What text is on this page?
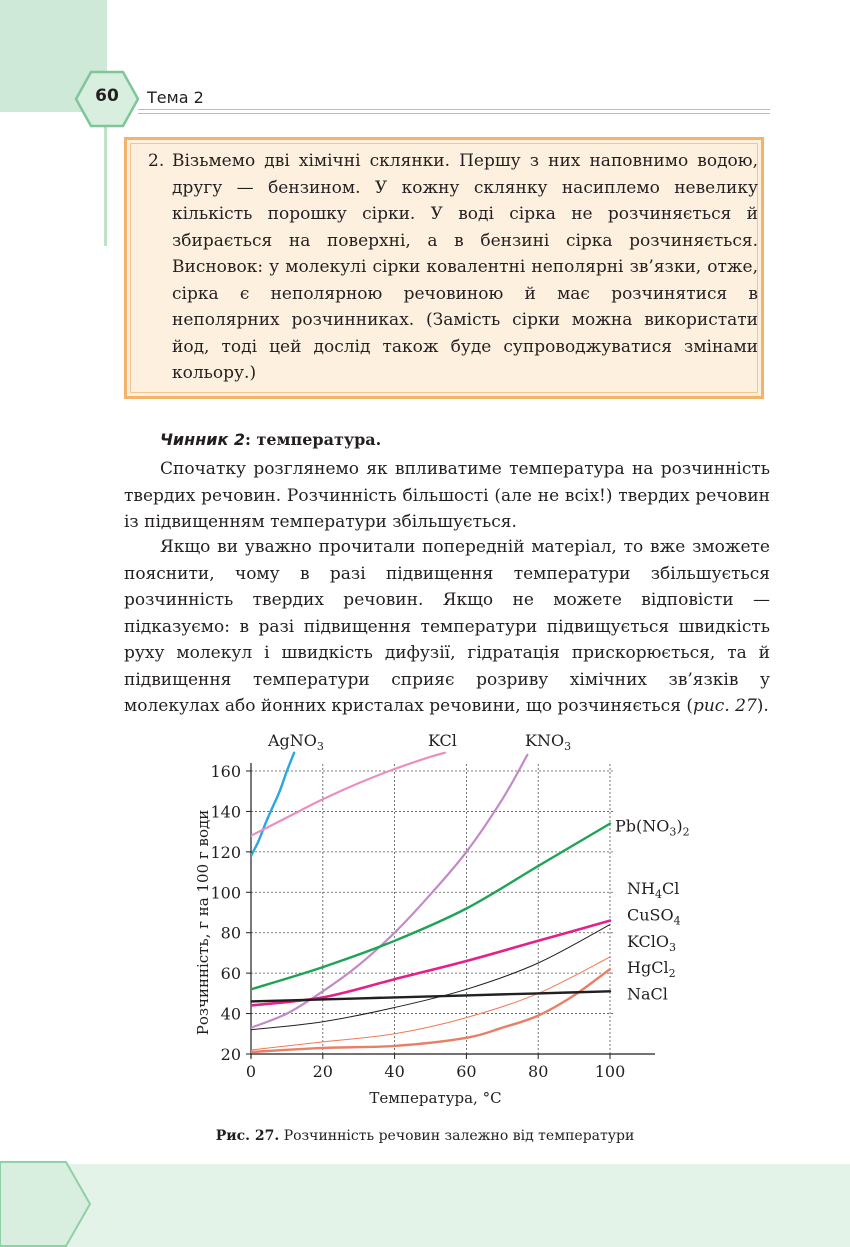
60	Тема 2

2. Візьмемо дві хімічні склянки. Першу з них наповнимо водою, другу — бензином. У кожну склянку насиплемо невелику кількість порошку сірки. У воді сірка не розчиняється й збирається на поверхні, а в бензині сірка розчиняється. Висновок: у молекулі сірки ковалентні неполярні зв’язки, отже, сірка є неполярною речовиною й має розчинятися в неполярних розчинниках. (Замість сірки можна використати йод, тоді цей дослід також буде супроводжуватися змінами кольору.)

Чинник 2: температура.

Спочатку розглянемо як впливатиме температура на розчинність твердих речовин. Розчинність більшості (але не всіх!) твердих речовин із підвищенням температури збільшується.

Якщо ви уважно прочитали попередній матеріал, то вже зможете пояснити, чому в разі підвищення температури збільшується розчинність твердих речовин. Якщо не можете відповісти — підказуємо: в разі підвищення температури підвищується швидкість руху молекул і швидкість дифузії, гідратація прискорюється, та й підвищення температури сприяє розриву хімічних зв’язків у молекулах або йонних кристалах речовини, що розчиняється (рис. 27).

0	20	40	60	80	100
20
40
60
80
100
120
140
160
Температура, °C
Розчинність, г на 100 г води
AgNO$_3$	KCl	$KNO_3$
$Pb(NO_3)_2$
$NH_4Cl$
CuSO$_4$
KClO$_3$
HgCl$_2$
NaCl

Рис. 27. Розчинність речовин залежно від температури
